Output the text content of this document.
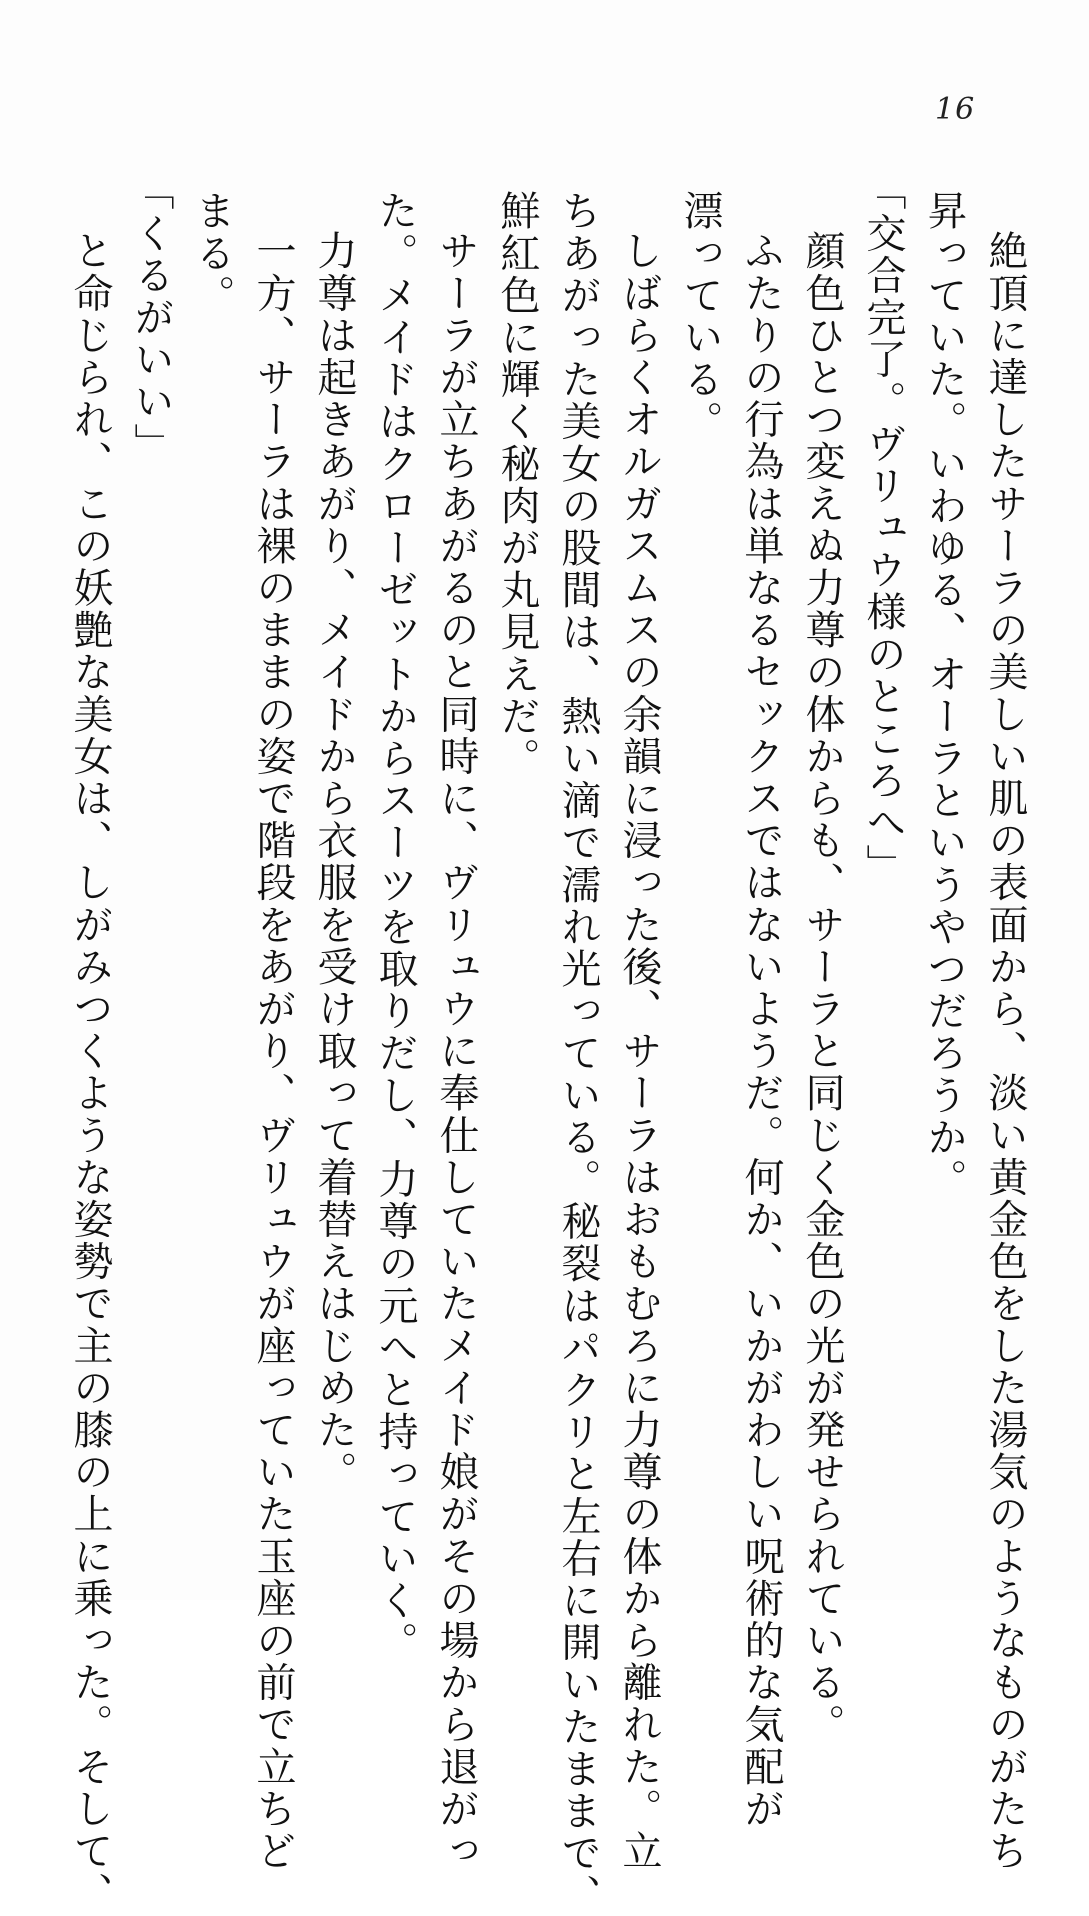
16

絶頂に達したサーラの美しい肌の表面から、淡い黄金色をした湯気のようなものがたち

昇っていた。いわゆる、オーラというやつだろうか。

「交合完了。ヴリュウ様のところへ」

顔色ひとつ変えぬ力尊の体からも、サーラと同じく金色の光が発せられている。

ふたりの行為は単なるセックスではないようだ。何か、いかがわしい呪術的な気配が

漂っている。

しばらくオルガスムスの余韻に浸った後、サーラはおもむろに力尊の体から離れた。立

ちあがった美女の股間は、熱い滴で濡れ光っている。秘裂はパクリと左右に開いたままで、

鮮紅色に輝く秘肉が丸見えだ。

サーラが立ちあがるのと同時に、ヴリュウに奉仕していたメイド娘がその場から退がっ

た。メイドはクローゼットからスーツを取りだし、力尊の元へと持っていく。

力尊は起きあがり、メイドから衣服を受け取って着替えはじめた。

一方、サーラは裸のままの姿で階段をあがり、ヴリュウが座っていた玉座の前で立ちど

まる。

「くるがいい」

と命じられ、この妖艶な美女は、しがみつくような姿勢で主の膝の上に乗った。そして、
